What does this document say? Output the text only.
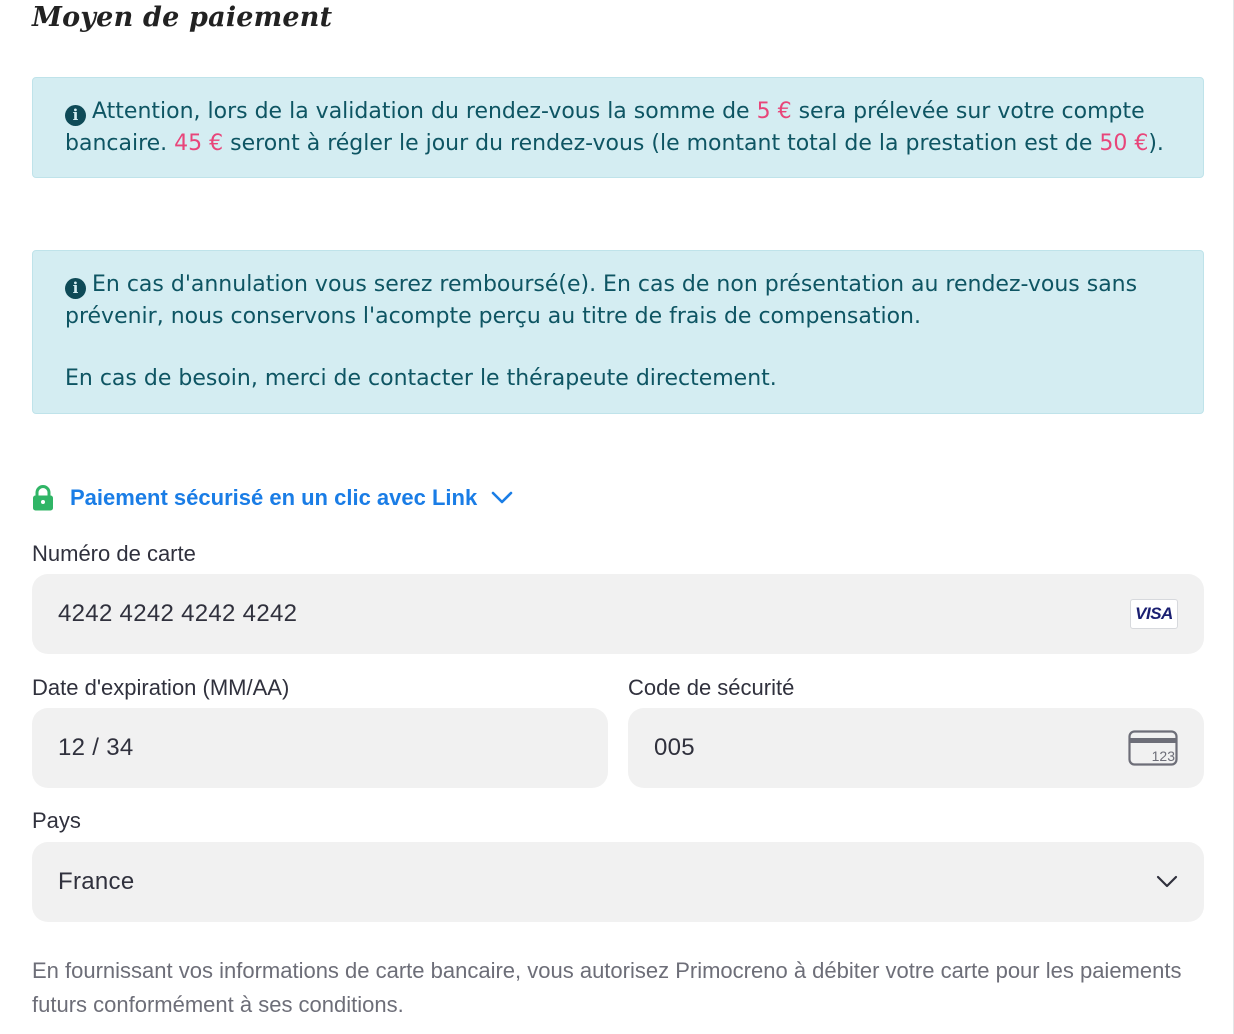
Moyen de paiement

i Attention, lors de la validation du rendez-vous la somme de 5 € sera prélevée sur votre compte bancaire. 45 € seront à régler le jour du rendez-vous (le montant total de la prestation est de 50 €).

i En cas d'annulation vous serez remboursé(e). En cas de non présentation au rendez-vous sans prévenir, nous conservons l'acompte perçu au titre de frais de compensation.

En cas de besoin, merci de contacter le thérapeute directement.

Paiement sécurisé en un clic avec Link
Numéro de carte
4242 4242 4242 4242	VISA
Date d'expiration (MM/AA)
12 / 34
Code de sécurité
005	123
Pays
France

En fournissant vos informations de carte bancaire, vous autorisez Primocreno à débiter votre carte pour les paiements futurs conformément à ses conditions.
